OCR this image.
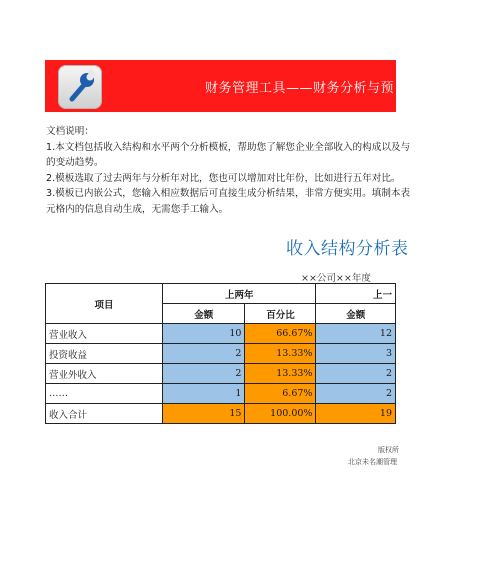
财务管理工具——财务分析与预
文档说明：
1.本文档包括收入结构和水平两个分析模板，帮助您了解您企业全部收入的构成以及与
的变动趋势。
2.模板选取了过去两年与分析年对比，您也可以增加对比年份，比如进行五年对比。
3.模板已内嵌公式，您输入相应数据后可直接生成分析结果，非常方便实用。填制本表
元格内的信息自动生成，无需您手工输入。
收入结构分析表
××公司××年度
项目	上两年		上一
	金额	百分比	金额
营业收入	10	66.67%	12
投资收益	2	13.33%	3
营业外收入	2	13.33%	2
……	1	6.67%	2
收入合计	15	100.00%	19
版权所
北京未名潮管理
